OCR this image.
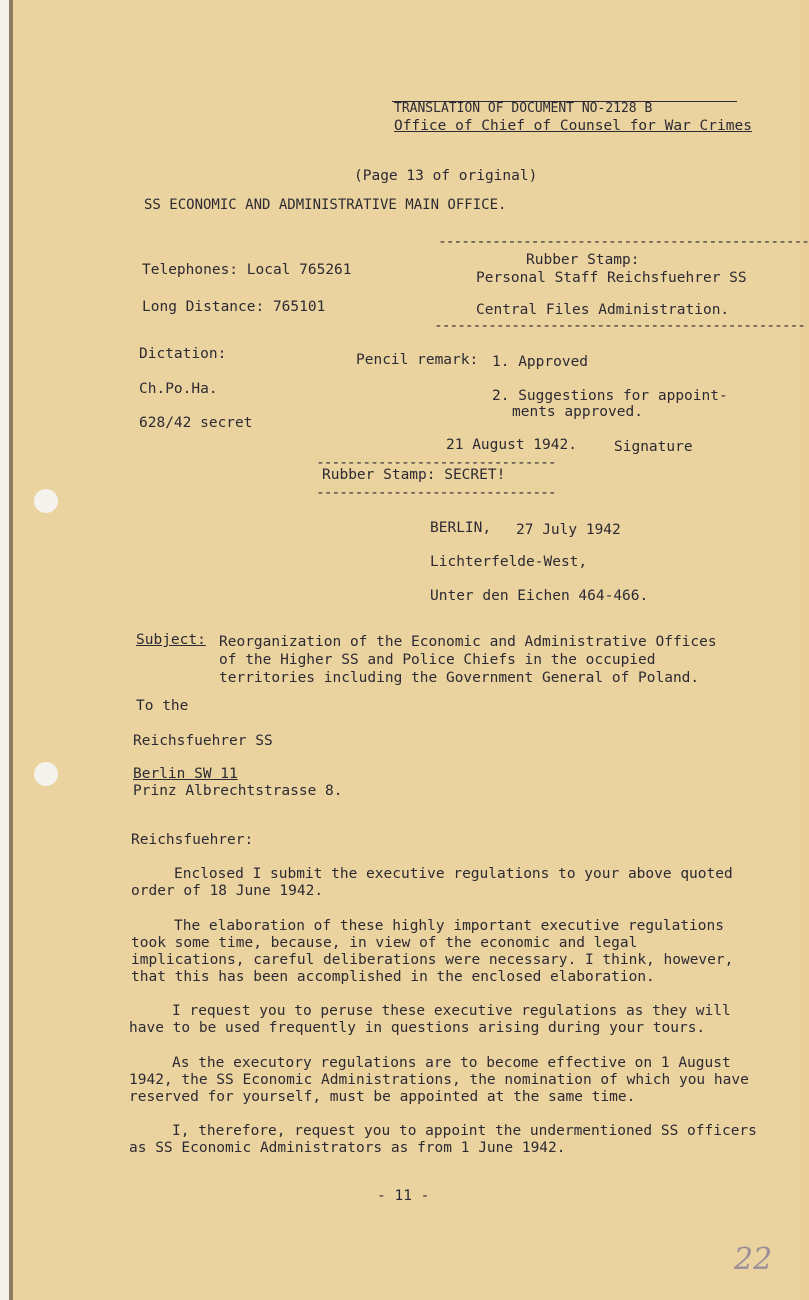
TRANSLATION OF DOCUMENT NO-2128 B
Office of Chief of Counsel for War Crimes
(Page 13 of original)
SS ECONOMIC AND ADMINISTRATIVE MAIN OFFICE.
------------------------------------------------
Rubber Stamp:
Personal Staff Reichsfuehrer SS
Central Files Administration.
------------------------------------------------
Telephones: Local 765261
Long Distance: 765101
Dictation:
Ch.Po.Ha.
628/42 secret
Pencil remark: 1. Approved
2. Suggestions for appoint-
ments approved.
21 August 1942.	Signature
-------------------------------
Rubber Stamp: SECRET!
-------------------------------
BERLIN, 27 July 1942
Lichterfelde-West,
Unter den Eichen 464-466.
Subject: Reorganization of the Economic and Administrative Offices
of the Higher SS and Police Chiefs in the occupied
territories including the Government General of Poland.
To the
Reichsfuehrer SS
Berlin SW 11
Prinz Albrechtstrasse 8.
Reichsfuehrer:
Enclosed I submit the executive regulations to your above quoted
order of 18 June 1942.
The elaboration of these highly important executive regulations
took some time, because, in view of the economic and legal
implications, careful deliberations were necessary. I think, however,
that this has been accomplished in the enclosed elaboration.
I request you to peruse these executive regulations as they will
have to be used frequently in questions arising during your tours.
As the executory regulations are to become effective on 1 August
1942, the SS Economic Administrations, the nomination of which you have
reserved for yourself, must be appointed at the same time.
I, therefore, request you to appoint the undermentioned SS officers
as SS Economic Administrators as from 1 June 1942.
- 11 -
22
